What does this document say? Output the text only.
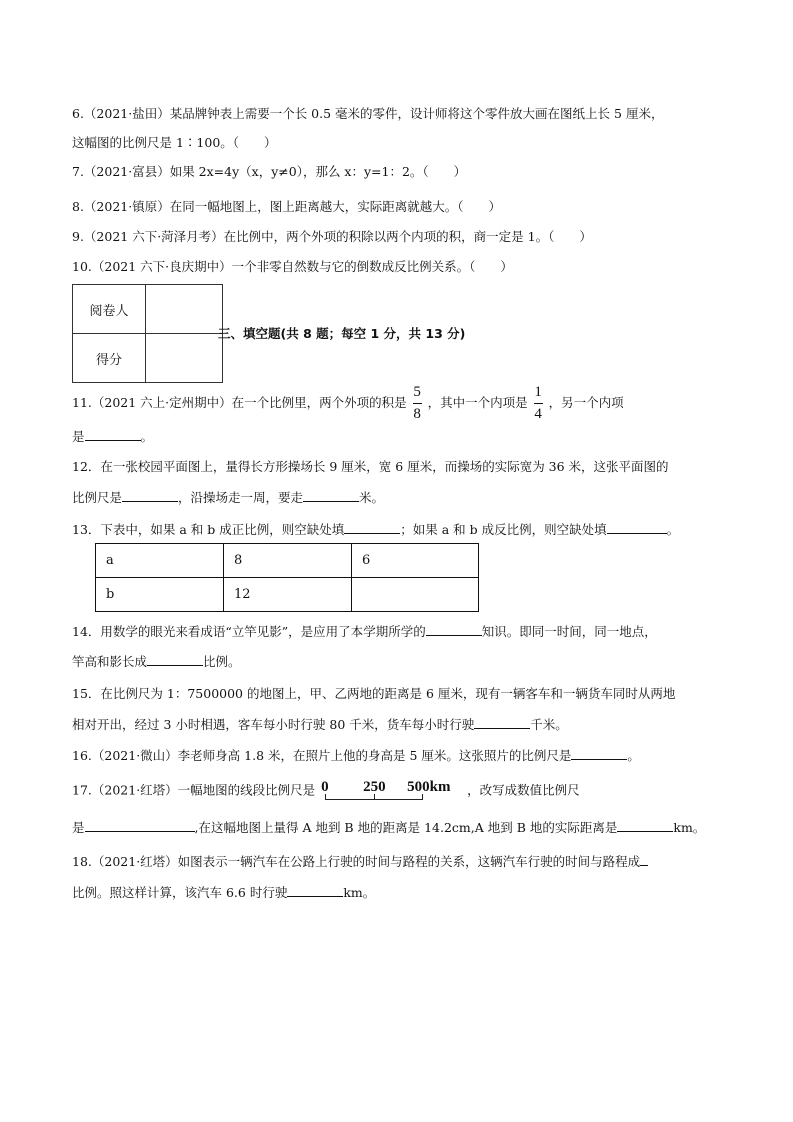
6.（2021·盐田）某品牌钟表上需要一个长 0.5 毫米的零件，设计师将这个零件放大画在图纸上长 5 厘米，
这幅图的比例尺是 1∶100。（　　）
7.（2021·富县）如果 2x=4y（x，y≠0），那么 x：y=1：2。（　　）
8.（2021·镇原）在同一幅地图上，图上距离越大，实际距离就越大。（　　）
9.（2021 六下·菏泽月考）在比例中，两个外项的积除以两个内项的积，商一定是 1。（　　）
10.（2021 六下·良庆期中）一个非零自然数与它的倒数成反比例关系。（　　）
阅卷人	
得分	
三、填空题(共 8 题；每空 1 分，共 13 分)
11.（2021 六上·定州期中）在一个比例里，两个外项的积是 $\frac{5}{8}$ ，其中一个内项是 $\frac{1}{4}$ ，另一个内项
是	。
12．在一张校园平面图上，量得长方形操场长 9 厘米，宽 6 厘米，而操场的实际宽为 36 米，这张平面图的
比例尺是	，沿操场走一周，要走	米。
13．下表中，如果 a 和 b 成正比例，则空缺处填	；如果 a 和 b 成反比例，则空缺处填	。
a	8	6
b	12	
14．用数学的眼光来看成语“立竿见影”，是应用了本学期所学的	知识。即同一时间，同一地点，
竿高和影长成	比例。
15．在比例尺为 1：7500000 的地图上，甲、乙两地的距离是 6 厘米，现有一辆客车和一辆货车同时从两地
相对开出，经过 3 小时相遇，客车每小时行驶 80 千米，货车每小时行驶	千米。
16.（2021·微山）李老师身高 1.8 米，在照片上他的身高是 5 厘米。这张照片的比例尺是	。
17.（2021·红塔）一幅地图的线段比例尺是 0 250 500km ，改写成数值比例尺
是	,在这幅地图上量得 A 地到 B 地的距离是 14.2cm,A 地到 B 地的实际距离是	km。
18.（2021·红塔）如图表示一辆汽车在公路上行驶的时间与路程的关系，这辆汽车行驶的时间与路程成
比例。照这样计算，该汽车 6.6 时行驶	km。
